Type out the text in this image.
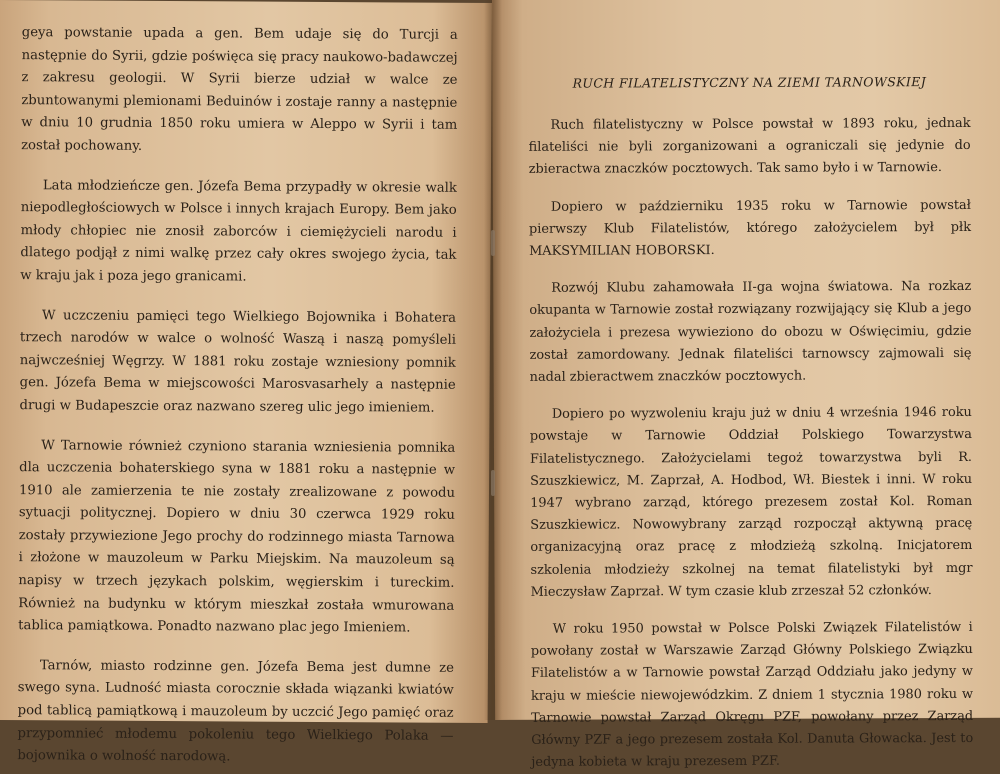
geya powstanie upada a gen. Bem udaje się do Turcji a następnie do Syrii, gdzie poświęca się pracy naukowo-badawczej z zakresu geologii. W Syrii bierze udział w walce ze zbuntowanymi plemionami Beduinów i zostaje ranny a następnie w dniu 10 grudnia 1850 roku umiera w Aleppo w Syrii i tam został pochowany.

Lata młodzieńcze gen. Józefa Bema przypadły w okresie walk niepodległościowych w Polsce i innych krajach Europy. Bem jako młody chłopiec nie znosił zaborców i ciemiężycieli narodu i dlatego podjął z nimi walkę przez cały okres swojego życia, tak w kraju jak i poza jego granicami.

W uczczeniu pamięci tego Wielkiego Bojownika i Bohatera trzech narodów w walce o wolność Waszą i naszą pomyśleli najwcześniej Węgrzy. W 1881 roku zostaje wzniesiony pomnik gen. Józefa Bema w miejscowości Marosvasarhely a następnie drugi w Budapeszcie oraz nazwano szereg ulic jego imieniem.

W Tarnowie również czyniono starania wzniesienia pomnika dla uczczenia bohaterskiego syna w 1881 roku a następnie w 1910 ale zamierzenia te nie zostały zrealizowane z powodu sytuacji politycznej. Dopiero w dniu 30 czerwca 1929 roku zostały przywiezione Jego prochy do rodzinnego miasta Tarnowa i złożone w mauzoleum w Parku Miejskim. Na mauzoleum są napisy w trzech językach polskim, węgierskim i tureckim. Również na budynku w którym mieszkał została wmurowana tablica pamiątkowa. Ponadto nazwano plac jego Imieniem.

Tarnów, miasto rodzinne gen. Józefa Bema jest dumne ze swego syna. Ludność miasta corocznie składa wiązanki kwiatów pod tablicą pamiątkową i mauzoleum by uczcić Jego pamięć oraz przypomnieć młodemu pokoleniu tego Wielkiego Polaka — bojownika o wolność narodową.

RUCH FILATELISTYCZNY NA ZIEMI TARNOWSKIEJ

Ruch filatelistyczny w Polsce powstał w 1893 roku, jednak filateliści nie byli zorganizowani a ograniczali się jedynie do zbieractwa znaczków pocztowych. Tak samo było i w Tarnowie.

Dopiero w październiku 1935 roku w Tarnowie powstał pierwszy Klub Filatelistów, którego założycielem był płk MAKSYMILIAN HOBORSKI.

Rozwój Klubu zahamowała II-ga wojna światowa. Na rozkaz okupanta w Tarnowie został rozwiązany rozwijający się Klub a jego założyciela i prezesa wywieziono do obozu w Oświęcimiu, gdzie został zamordowany. Jednak filateliści tarnowscy zajmowali się nadal zbieractwem znaczków pocztowych.

Dopiero po wyzwoleniu kraju już w dniu 4 września 1946 roku powstaje w Tarnowie Oddział Polskiego Towarzystwa Filatelistycznego. Założycielami tegoż towarzystwa byli R. Szuszkiewicz, M. Zaprzał, A. Hodbod, Wł. Biestek i inni. W roku 1947 wybrano zarząd, którego prezesem został Kol. Roman Szuszkiewicz. Nowowybrany zarząd rozpoczął aktywną pracę organizacyjną oraz pracę z młodzieżą szkolną. Inicjatorem szkolenia młodzieży szkolnej na temat filatelistyki był mgr Mieczysław Zaprzał. W tym czasie klub zrzeszał 52 członków.

W roku 1950 powstał w Polsce Polski Związek Filatelistów i powołany został w Warszawie Zarząd Główny Polskiego Związku Filatelistów a w Tarnowie powstał Zarząd Oddziału jako jedyny w kraju w mieście niewojewódzkim. Z dniem 1 stycznia 1980 roku w Tarnowie powstał Zarząd Okręgu PZF, powołany przez Zarząd Główny PZF a jego prezesem została Kol. Danuta Głowacka. Jest to jedyna kobieta w kraju prezesem PZF.
